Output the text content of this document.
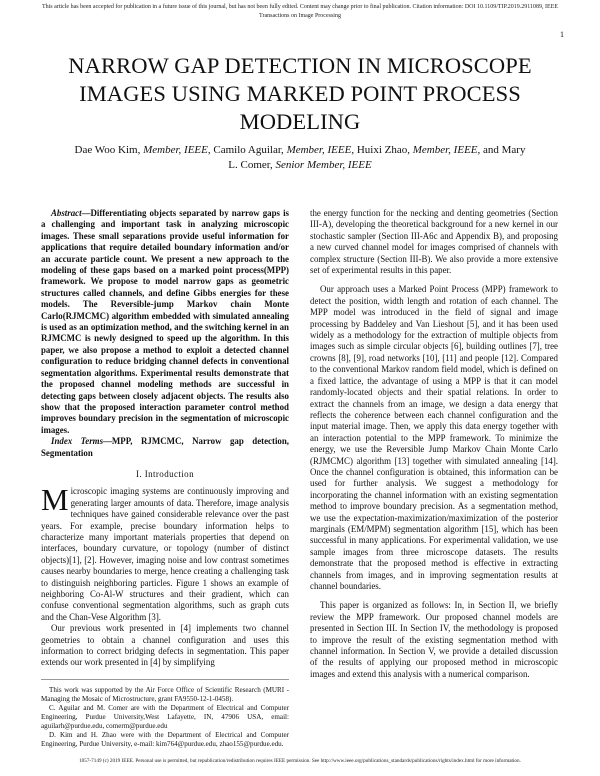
This article has been accepted for publication in a future issue of this journal, but has not been fully edited. Content may change prior to final publication. Citation information: DOI 10.1109/TIP.2019.2911089, IEEE
Transactions on Image Processing
1
NARROW GAP DETECTION IN MICROSCOPE IMAGES USING MARKED POINT PROCESS MODELING
Dae Woo Kim, Member, IEEE, Camilo Aguilar, Member, IEEE, Huixi Zhao, Member, IEEE, and Mary L. Comer, Senior Member, IEEE

Abstract—Differentiating objects separated by narrow gaps is a challenging and important task in analyzing microscopic images. These small separations provide useful information for applications that require detailed boundary information and/or an accurate particle count. We present a new approach to the modeling of these gaps based on a marked point process(MPP) framework. We propose to model narrow gaps as geometric structures called channels, and define Gibbs energies for these models. The Reversible-jump Markov chain Monte Carlo(RJMCMC) algorithm embedded with simulated annealing is used as an optimization method, and the switching kernel in an RJMCMC is newly designed to speed up the algorithm. In this paper, we also propose a method to exploit a detected channel configuration to reduce bridging channel defects in conventional segmentation algorithms. Experimental results demonstrate that the proposed channel modeling methods are successful in detecting gaps between closely adjacent objects. The results also show that the proposed interaction parameter control method improves boundary precision in the segmentation of microscopic images.

Index Terms—MPP, RJMCMC, Narrow gap detection, Segmentation

I. Introduction

Microscopic imaging systems are continuously improving and generating larger amounts of data. Therefore, image analysis techniques have gained considerable relevance over the past years. For example, precise boundary information helps to characterize many important materials properties that depend on interfaces, boundary curvature, or topology (number of distinct objects)[1], [2]. However, imaging noise and low contrast sometimes causes nearby boundaries to merge, hence creating a challenging task to distinguish neighboring particles. Figure 1 shows an example of neighboring Co-Al-W structures and their gradient, which can confuse conventional segmentation algorithms, such as graph cuts and the Chan-Vese Algorithm [3].

Our previous work presented in [4] implements two channel geometries to obtain a channel configuration and uses this information to correct bridging defects in segmentation. This paper extends our work presented in [4] by simplifying

This work was supported by the Air Force Office of Scientific Research (MURI - Managing the Mosaic of Microstructure, grant FA9550-12-1-0458).
C. Aguilar and M. Comer are with the Department of Electrical and Computer Engineering, Purdue University,West Lafayette, IN, 47906 USA, email: aguilarh@purdue.edu, comerm@purdue.edu
D. Kim and H. Zhao were with the Department of Electrical and Computer Engineering, Purdue University, e-mail: kim764@purdue.edu, zhao155@purdue.edu.

the energy function for the necking and denting geometries (Section III-A), developing the theoretical background for a new kernel in our stochastic sampler (Section III-A6c and Appendix B), and proposing a new curved channel model for images comprised of channels with complex structure (Section III-B). We also provide a more extensive set of experimental results in this paper.

Our approach uses a Marked Point Process (MPP) framework to detect the position, width length and rotation of each channel. The MPP model was introduced in the field of signal and image processing by Baddeley and Van Lieshout [5], and it has been used widely as a methodology for the extraction of multiple objects from images such as simple circular objects [6], building outlines [7], tree crowns [8], [9], road networks [10], [11] and people [12]. Compared to the conventional Markov random field model, which is defined on a fixed lattice, the advantage of using a MPP is that it can model randomly-located objects and their spatial relations. In order to extract the channels from an image, we design a data energy that reflects the coherence between each channel configuration and the input material image. Then, we apply this data energy together with an interaction potential to the MPP framework. To minimize the energy, we use the Reversible Jump Markov Chain Monte Carlo (RJMCMC) algorithm [13] together with simulated annealing [14]. Once the channel configuration is obtained, this information can be used for further analysis. We suggest a methodology for incorporating the channel information with an existing segmentation method to improve boundary precision. As a segmentation method, we use the expectation-maximization/maximization of the posterior marginals (EM/MPM) segmentation algorithm [15], which has been successful in many applications. For experimental validation, we use sample images from three microscope datasets. The results demonstrate that the proposed method is effective in extracting channels from images, and in improving segmentation results at channel boundaries.

This paper is organized as follows: In, in Section II, we briefly review the MPP framework. Our proposed channel models are presented in Section III. In Section IV, the methodology is proposed to improve the result of the existing segmentation method with channel information. In Section V, we provide a detailed discussion of the results of applying our proposed method in microscopic images and extend this analysis with a numerical comparison.

1057-7149 (c) 2019 IEEE. Personal use is permitted, but republication/redistribution requires IEEE permission. See http://www.ieee.org/publications_standards/publications/rights/index.html for more information.
